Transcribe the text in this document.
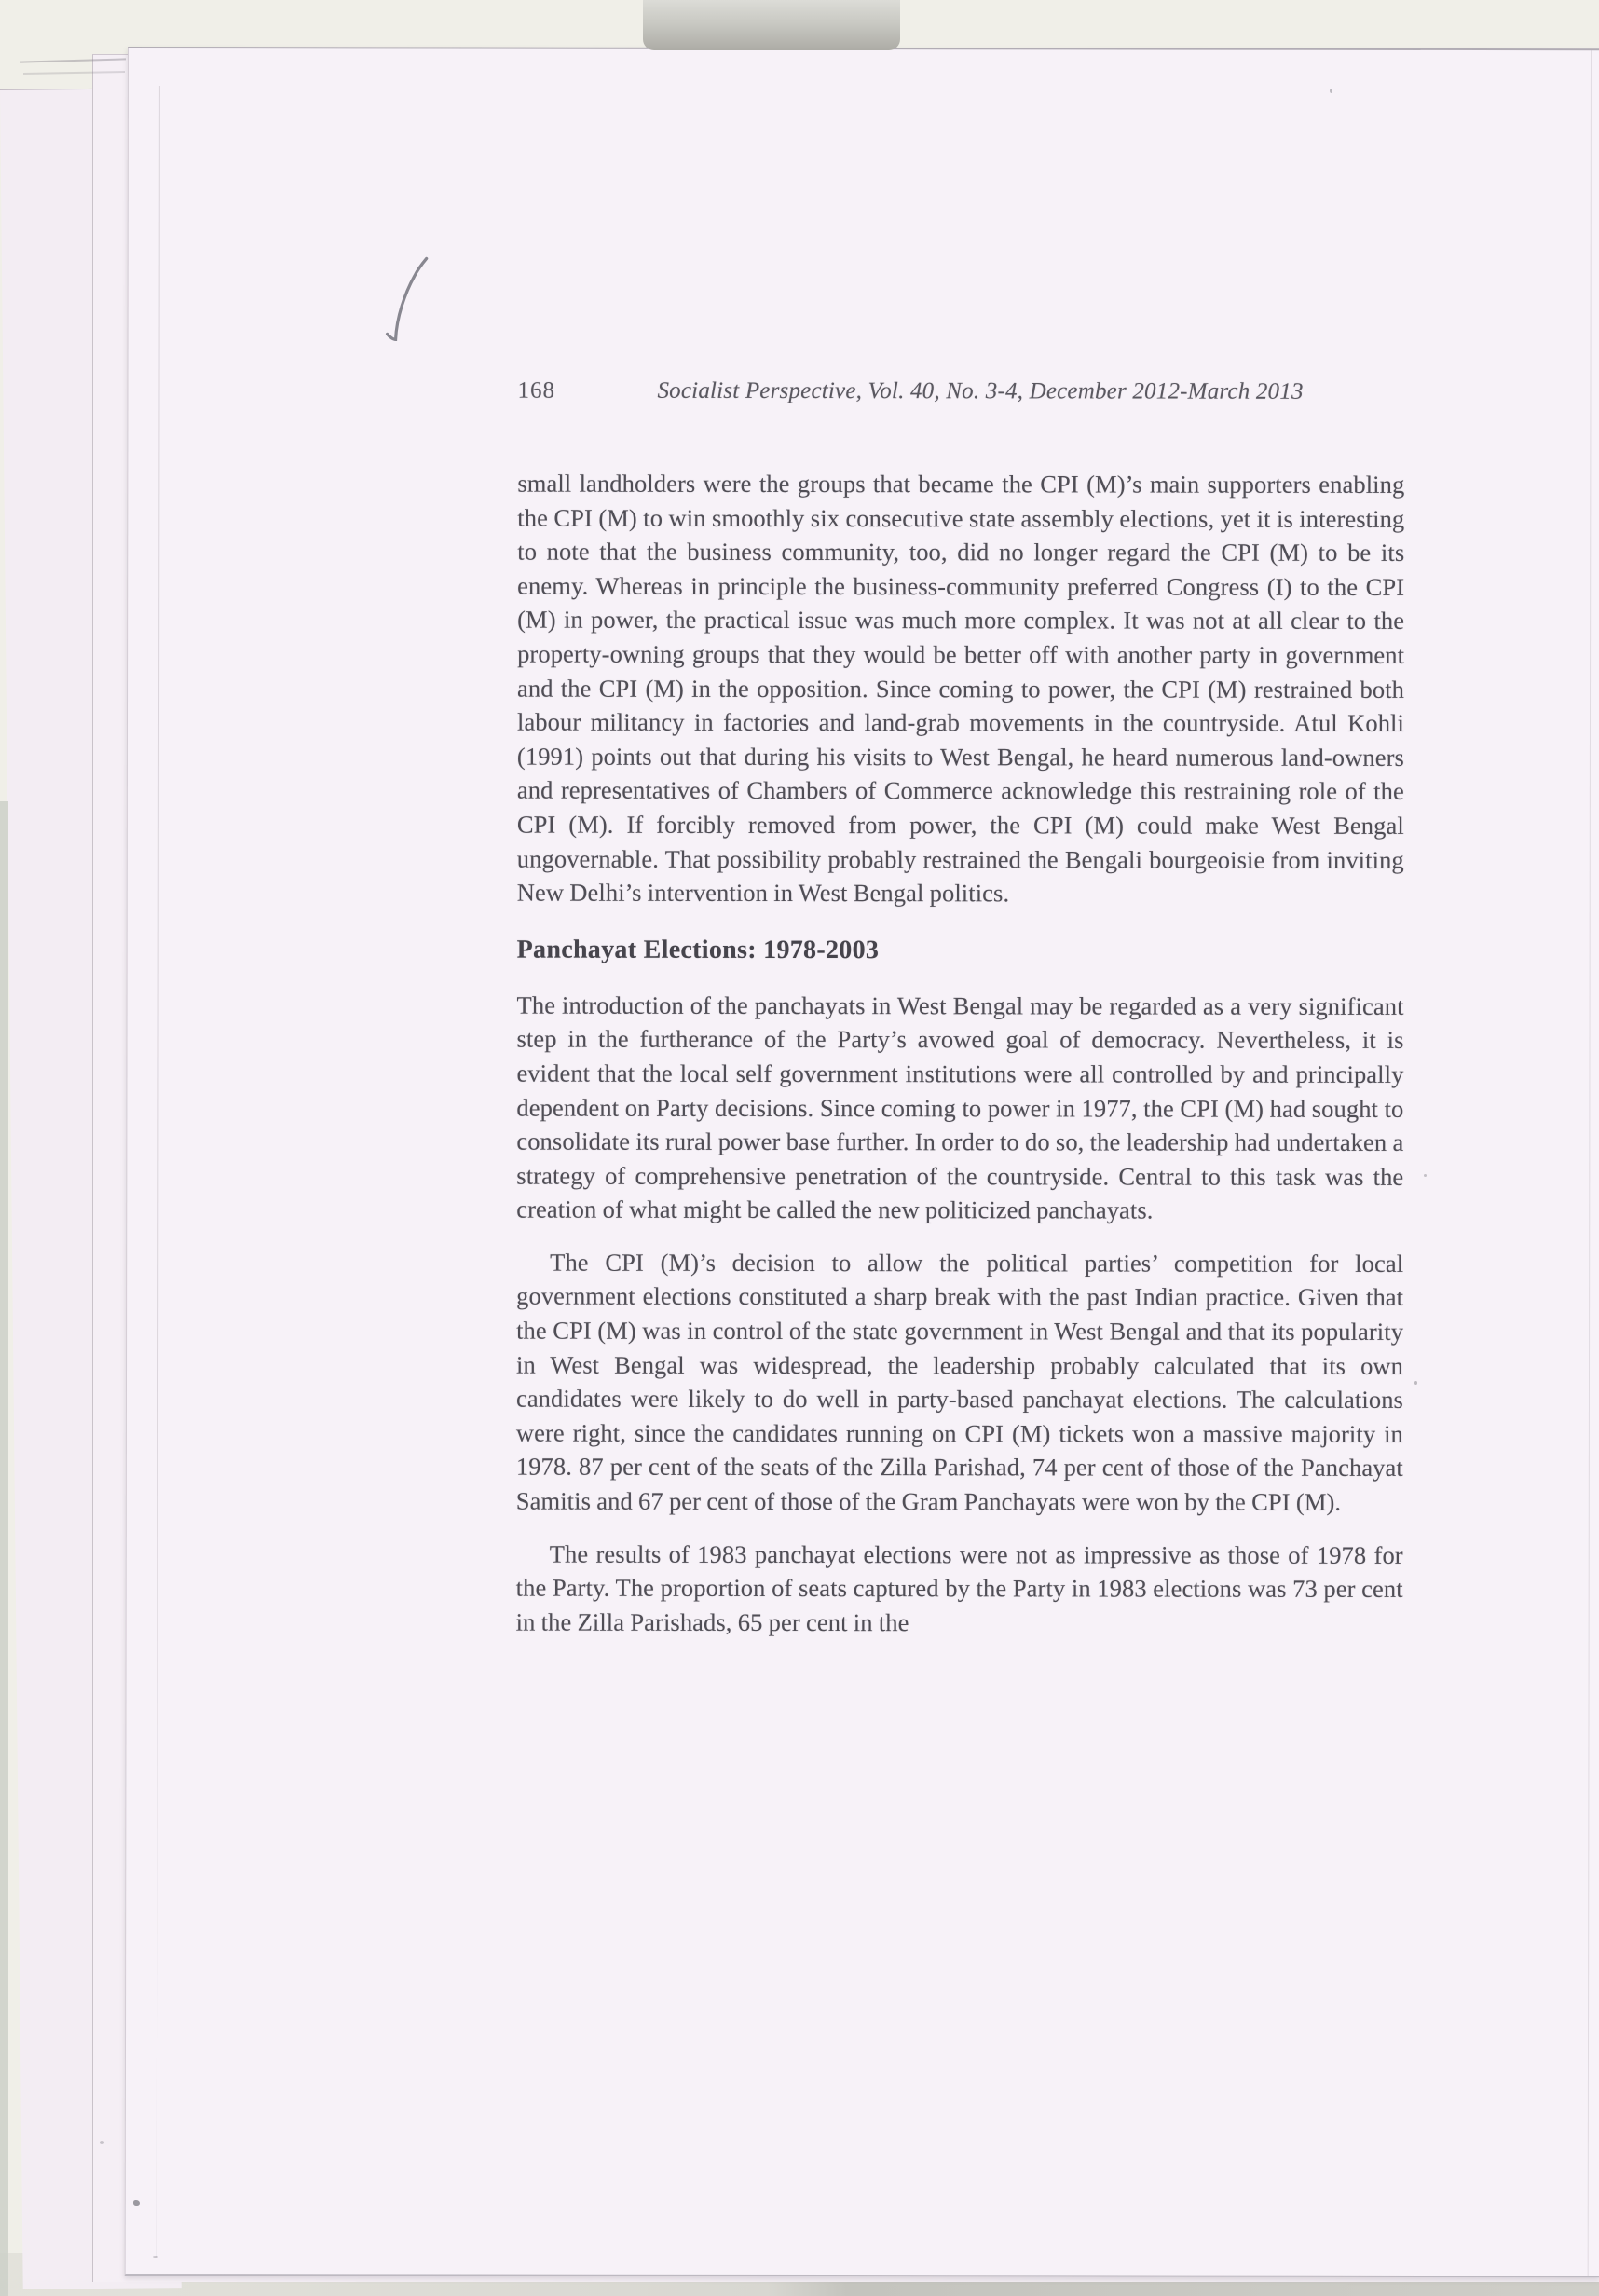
168	Socialist Perspective, Vol. 40, No. 3-4, December 2012-March 2013

small landholders were the groups that became the CPI (M)’s main supporters enabling the CPI (M) to win smoothly six consecutive state assembly elections, yet it is interesting to note that the business community, too, did no longer regard the CPI (M) to be its enemy. Whereas in principle the business-community preferred Congress (I) to the CPI (M) in power, the practical issue was much more complex. It was not at all clear to the property-owning groups that they would be better off with another party in government and the CPI (M) in the opposition. Since coming to power, the CPI (M) restrained both labour militancy in factories and land-grab movements in the countryside. Atul Kohli (1991) points out that during his visits to West Bengal, he heard numerous land-owners and representatives of Chambers of Commerce acknowledge this restraining role of the CPI (M). If forcibly removed from power, the CPI (M) could make West Bengal ungovernable. That possibility probably restrained the Bengali bourgeoisie from inviting New Delhi’s intervention in West Bengal politics.

Panchayat Elections: 1978-2003

The introduction of the panchayats in West Bengal may be regarded as a very significant step in the furtherance of the Party’s avowed goal of democracy. Nevertheless, it is evident that the local self government institutions were all controlled by and principally dependent on Party decisions. Since coming to power in 1977, the CPI (M) had sought to consolidate its rural power base further. In order to do so, the leadership had undertaken a strategy of comprehensive penetration of the countryside. Central to this task was the creation of what might be called the new politicized panchayats.

The CPI (M)’s decision to allow the political parties’ competition for local government elections constituted a sharp break with the past Indian practice. Given that the CPI (M) was in control of the state government in West Bengal and that its popularity in West Bengal was widespread, the leadership probably calculated that its own candidates were likely to do well in party-based panchayat elections. The calculations were right, since the candidates running on CPI (M) tickets won a massive majority in 1978. 87 per cent of the seats of the Zilla Parishad, 74 per cent of those of the Panchayat Samitis and 67 per cent of those of the Gram Panchayats were won by the CPI (M).

The results of 1983 panchayat elections were not as impressive as those of 1978 for the Party. The proportion of seats captured by the Party in 1983 elections was 73 per cent in the Zilla Parishads, 65 per cent in the
